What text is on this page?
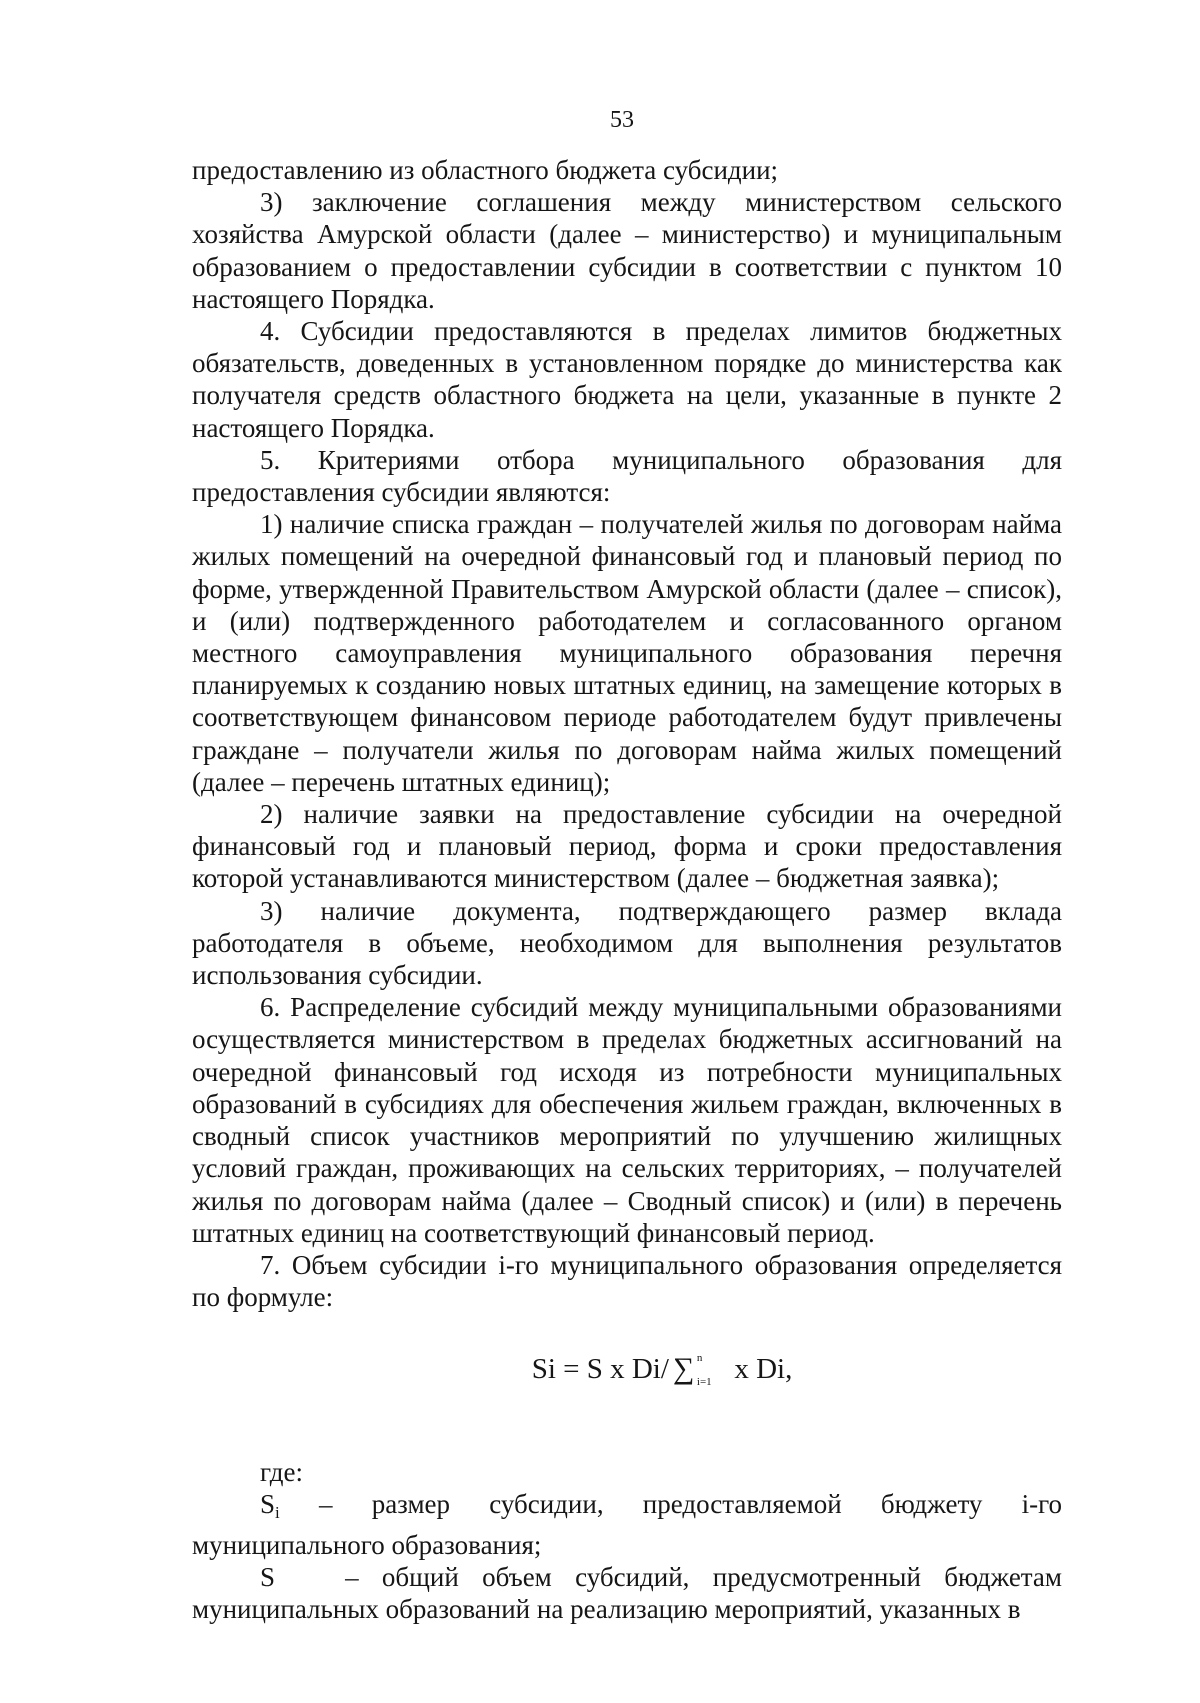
53

предоставлению из областного бюджета субсидии;

3) заключение соглашения между министерством сельского хозяйства Амурской области (далее – министерство) и муниципальным образованием о предоставлении субсидии в соответствии с пунктом 10 настоящего Порядка.

4. Субсидии предоставляются в пределах лимитов бюджетных обязательств, доведенных в установленном порядке до министерства как получателя средств областного бюджета на цели, указанные в пункте 2 настоящего Порядка.

5. Критериями отбора муниципального образования для предоставления субсидии являются:

1) наличие списка граждан – получателей жилья по договорам найма жилых помещений на очередной финансовый год и плановый период по форме, утвержденной Правительством Амурской области (далее – список), и (или) подтвержденного работодателем и согласованного органом местного самоуправления муниципального образования перечня планируемых к созданию новых штатных единиц, на замещение которых в соответствующем финансовом периоде работодателем будут привлечены граждане – получатели жилья по договорам найма жилых помещений (далее – перечень штатных единиц);

2) наличие заявки на предоставление субсидии на очередной финансовый год и плановый период, форма и сроки предоставления которой устанавливаются министерством (далее – бюджетная заявка);

3) наличие документа, подтверждающего размер вклада работодателя в объеме, необходимом для выполнения результатов использования субсидии.

6. Распределение субсидий между муниципальными образованиями осуществляется министерством в пределах бюджетных ассигнований на очередной финансовый год исходя из потребности муниципальных образований в субсидиях для обеспечения жильем граждан, включенных в сводный список участников мероприятий по улучшению жилищных условий граждан, проживающих на сельских территориях, – получателей жилья по договорам найма (далее – Сводный список) и (или) в перечень штатных единиц на соответствующий финансовый период.

7. Объем субсидии i-го муниципального образования определяется по формуле:

Si = S x Di/ ∑ n
i=1 x Di,

где:

Si – размер субсидии, предоставляемой бюджету i-го муниципального образования;

S	– общий объем субсидий, предусмотренный бюджетам муниципальных образований на реализацию мероприятий, указанных в
